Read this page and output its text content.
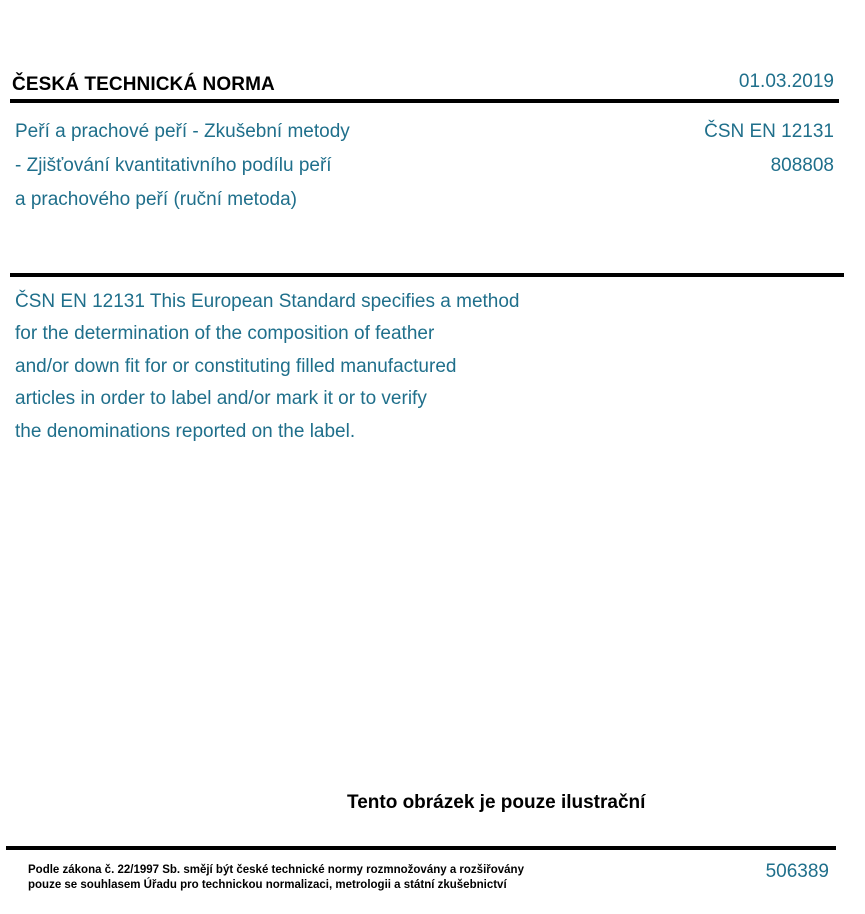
ČESKÁ TECHNICKÁ NORMA	01.03.2019
Peří a prachové peří - Zkušební metody
- Zjišťování kvantitativního podílu peří
a prachového peří (ruční metoda)
ČSN EN 12131
808808
ČSN EN 12131 This European Standard specifies a method
for the determination of the composition of feather
and/or down fit for or constituting filled manufactured
articles in order to label and/or mark it or to verify
the denominations reported on the label.
Tento obrázek je pouze ilustrační
Podle zákona č. 22/1997 Sb. smějí být české technické normy rozmnožovány a rozšiřovány
pouze se souhlasem Úřadu pro technickou normalizaci, metrologii a státní zkušebnictví
506389
